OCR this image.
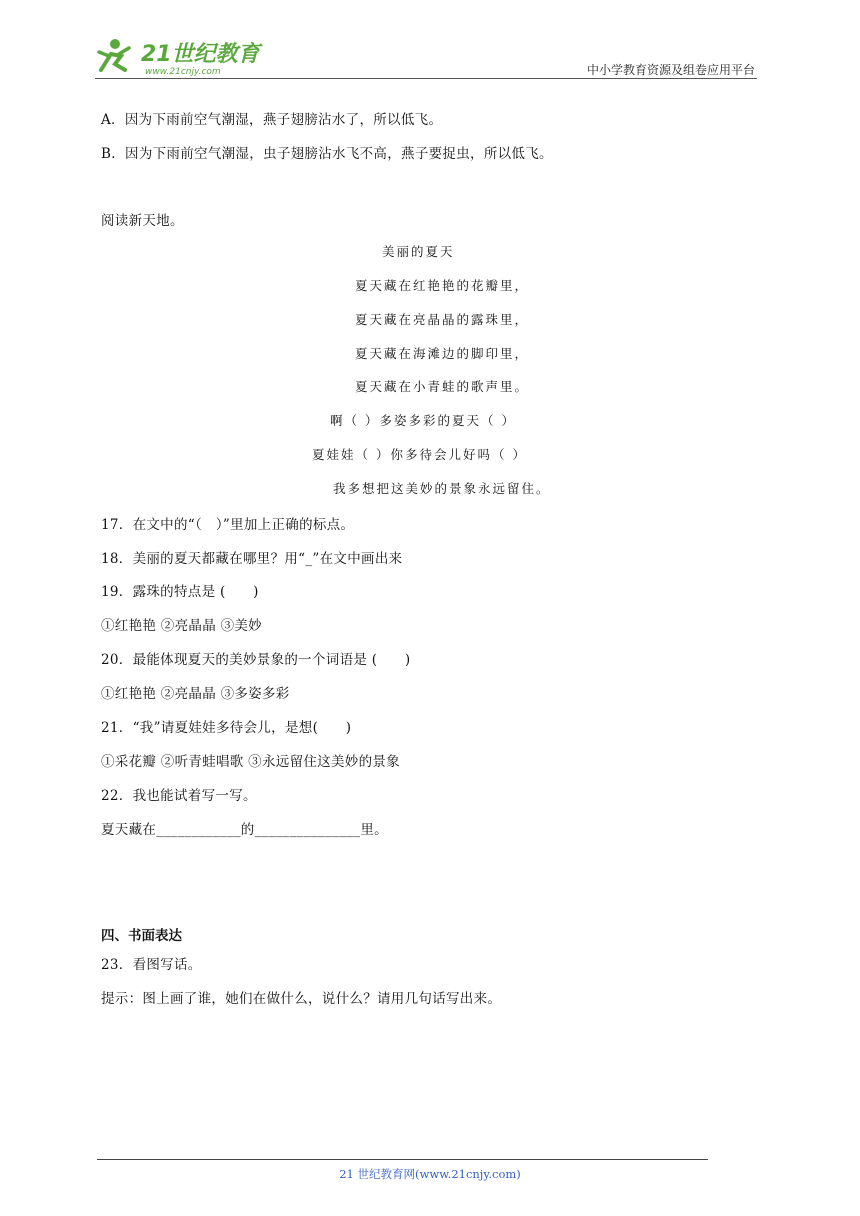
21世纪教育
www.21cnjy.com	中小学教育资源及组卷应用平台
A．因为下雨前空气潮湿，燕子翅膀沾水了，所以低飞。
B．因为下雨前空气潮湿，虫子翅膀沾水飞不高，燕子要捉虫，所以低飞。
阅读新天地。
美丽的夏天
夏天藏在红艳艳的花瓣里，
夏天藏在亮晶晶的露珠里，
夏天藏在海滩边的脚印里，
夏天藏在小青蛙的歌声里。
啊（ ）多姿多彩的夏天（ ）
夏娃娃（ ）你多待会儿好吗（ ）
我多想把这美妙的景象永远留住。
17．在文中的“（　）”里加上正确的标点。
18．美丽的夏天都藏在哪里？用“_”在文中画出来
19．露珠的特点是 (　　)
①红艳艳 ②亮晶晶 ③美妙
20．最能体现夏天的美妙景象的一个词语是 (　　)
①红艳艳 ②亮晶晶 ③多姿多彩
21．“我”请夏娃娃多待会儿，是想(　　)
①采花瓣 ②听青蛙唱歌 ③永远留住这美妙的景象
22．我也能试着写一写。
夏天藏在____________的_______________里。
四、书面表达
23．看图写话。
提示：图上画了谁，她们在做什么，说什么？请用几句话写出来。
21 世纪教育网(www.21cnjy.com)
